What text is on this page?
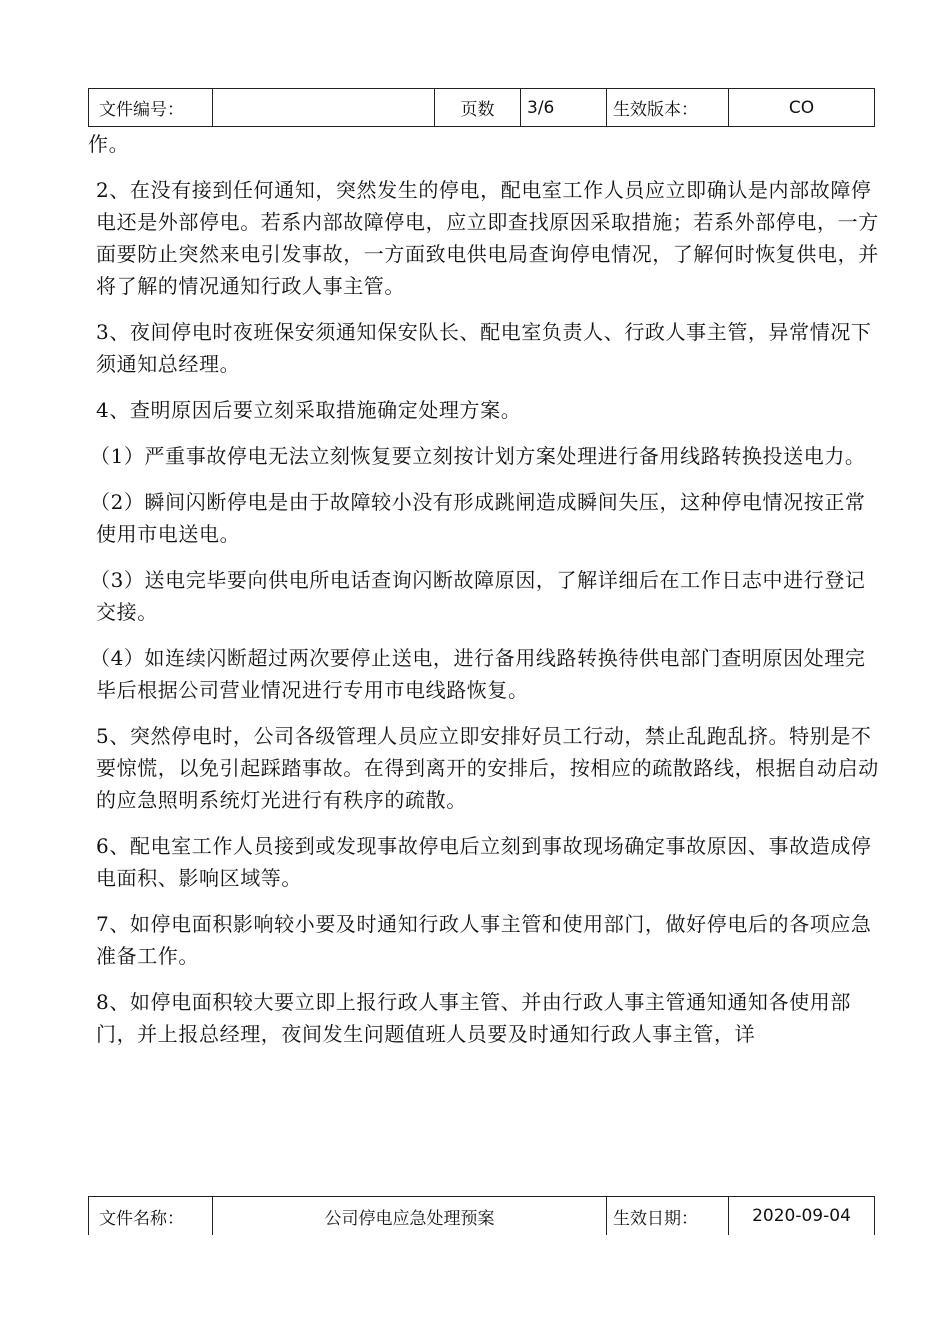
文件编号：		页数	3/6	生效版本：	CO

作。

2、在没有接到任何通知，突然发生的停电，配电室工作人员应立即确认是内部故障停电还是外部停电。若系内部故障停电，应立即查找原因采取措施；若系外部停电，一方面要防止突然来电引发事故，一方面致电供电局查询停电情况，了解何时恢复供电，并将了解的情况通知行政人事主管。

3、夜间停电时夜班保安须通知保安队长、配电室负责人、行政人事主管，异常情况下须通知总经理。

4、查明原因后要立刻采取措施确定处理方案。

（1）严重事故停电无法立刻恢复要立刻按计划方案处理进行备用线路转换投送电力。

（2）瞬间闪断停电是由于故障较小没有形成跳闸造成瞬间失压，这种停电情况按正常使用市电送电。

（3）送电完毕要向供电所电话查询闪断故障原因，了解详细后在工作日志中进行登记交接。

（4）如连续闪断超过两次要停止送电，进行备用线路转换待供电部门查明原因处理完毕后根据公司营业情况进行专用市电线路恢复。

5、突然停电时，公司各级管理人员应立即安排好员工行动，禁止乱跑乱挤。特别是不要惊慌，以免引起踩踏事故。在得到离开的安排后，按相应的疏散路线，根据自动启动的应急照明系统灯光进行有秩序的疏散。

6、配电室工作人员接到或发现事故停电后立刻到事故现场确定事故原因、事故造成停电面积、影响区域等。

7、如停电面积影响较小要及时通知行政人事主管和使用部门，做好停电后的各项应急准备工作。

8、如停电面积较大要立即上报行政人事主管、并由行政人事主管通知通知各使用部门，并上报总经理，夜间发生问题值班人员要及时通知行政人事主管，详

文件名称：	公司停电应急处理预案	生效日期：	2020-09-04
